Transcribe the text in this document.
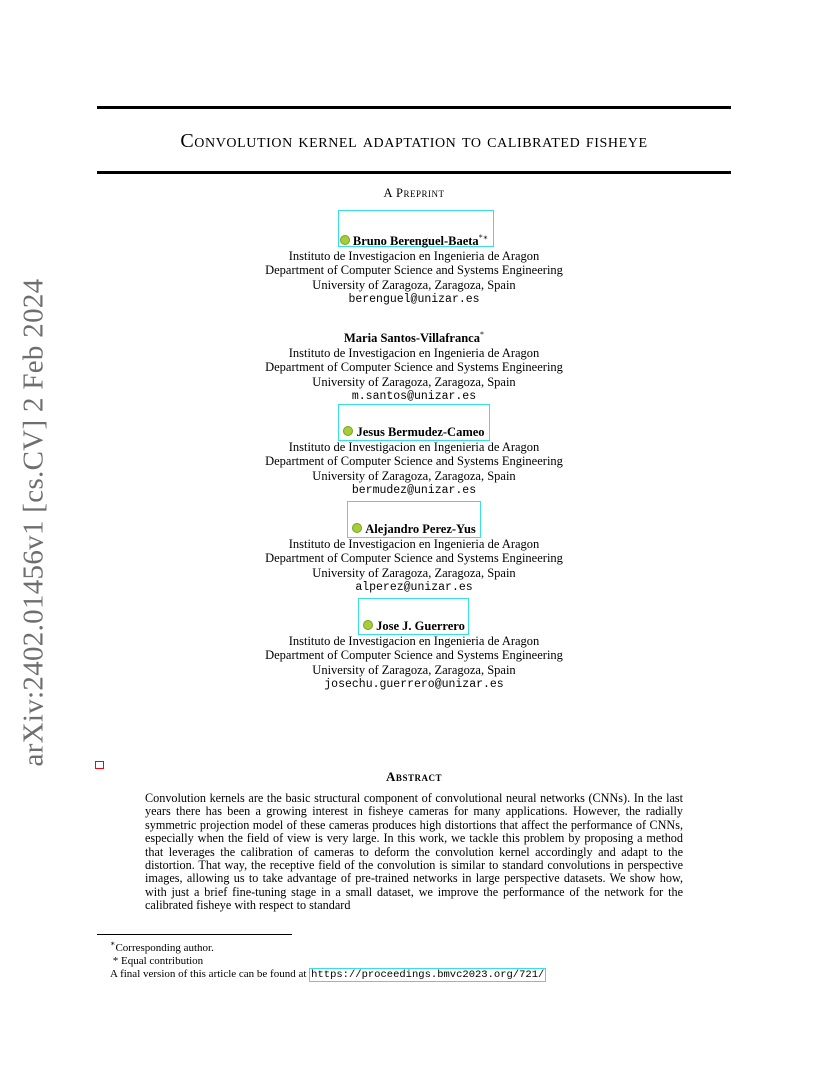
arXiv:2402.01456v1 [cs.CV] 2 Feb 2024
Convolution kernel adaptation to calibrated fisheye
A Preprint
Bruno Berenguel-Baeta*∗
Instituto de Investigacion en Ingenieria de Aragon
Department of Computer Science and Systems Engineering
University of Zaragoza, Zaragoza, Spain
berenguel@unizar.es
Maria Santos-Villafranca*
Instituto de Investigacion en Ingenieria de Aragon
Department of Computer Science and Systems Engineering
University of Zaragoza, Zaragoza, Spain
m.santos@unizar.es
Jesus Bermudez-Cameo
Instituto de Investigacion en Ingenieria de Aragon
Department of Computer Science and Systems Engineering
University of Zaragoza, Zaragoza, Spain
bermudez@unizar.es
Alejandro Perez-Yus
Instituto de Investigacion en Ingenieria de Aragon
Department of Computer Science and Systems Engineering
University of Zaragoza, Zaragoza, Spain
alperez@unizar.es
Jose J. Guerrero
Instituto de Investigacion en Ingenieria de Aragon
Department of Computer Science and Systems Engineering
University of Zaragoza, Zaragoza, Spain
josechu.guerrero@unizar.es
Abstract
Convolution kernels are the basic structural component of convolutional neural networks (CNNs). In the last years there has been a growing interest in fisheye cameras for many applications. However, the radially symmetric projection model of these cameras produces high distortions that affect the performance of CNNs, especially when the field of view is very large. In this work, we tackle this problem by proposing a method that leverages the calibration of cameras to deform the convolution kernel accordingly and adapt to the distortion. That way, the receptive field of the convolution is similar to standard convolutions in perspective images, allowing us to take advantage of pre-trained networks in large perspective datasets. We show how, with just a brief fine-tuning stage in a small dataset, we improve the performance of the network for the calibrated fisheye with respect to standard
∗Corresponding author.
* Equal contribution
A final version of this article can be found at https://proceedings.bmvc2023.org/721/
